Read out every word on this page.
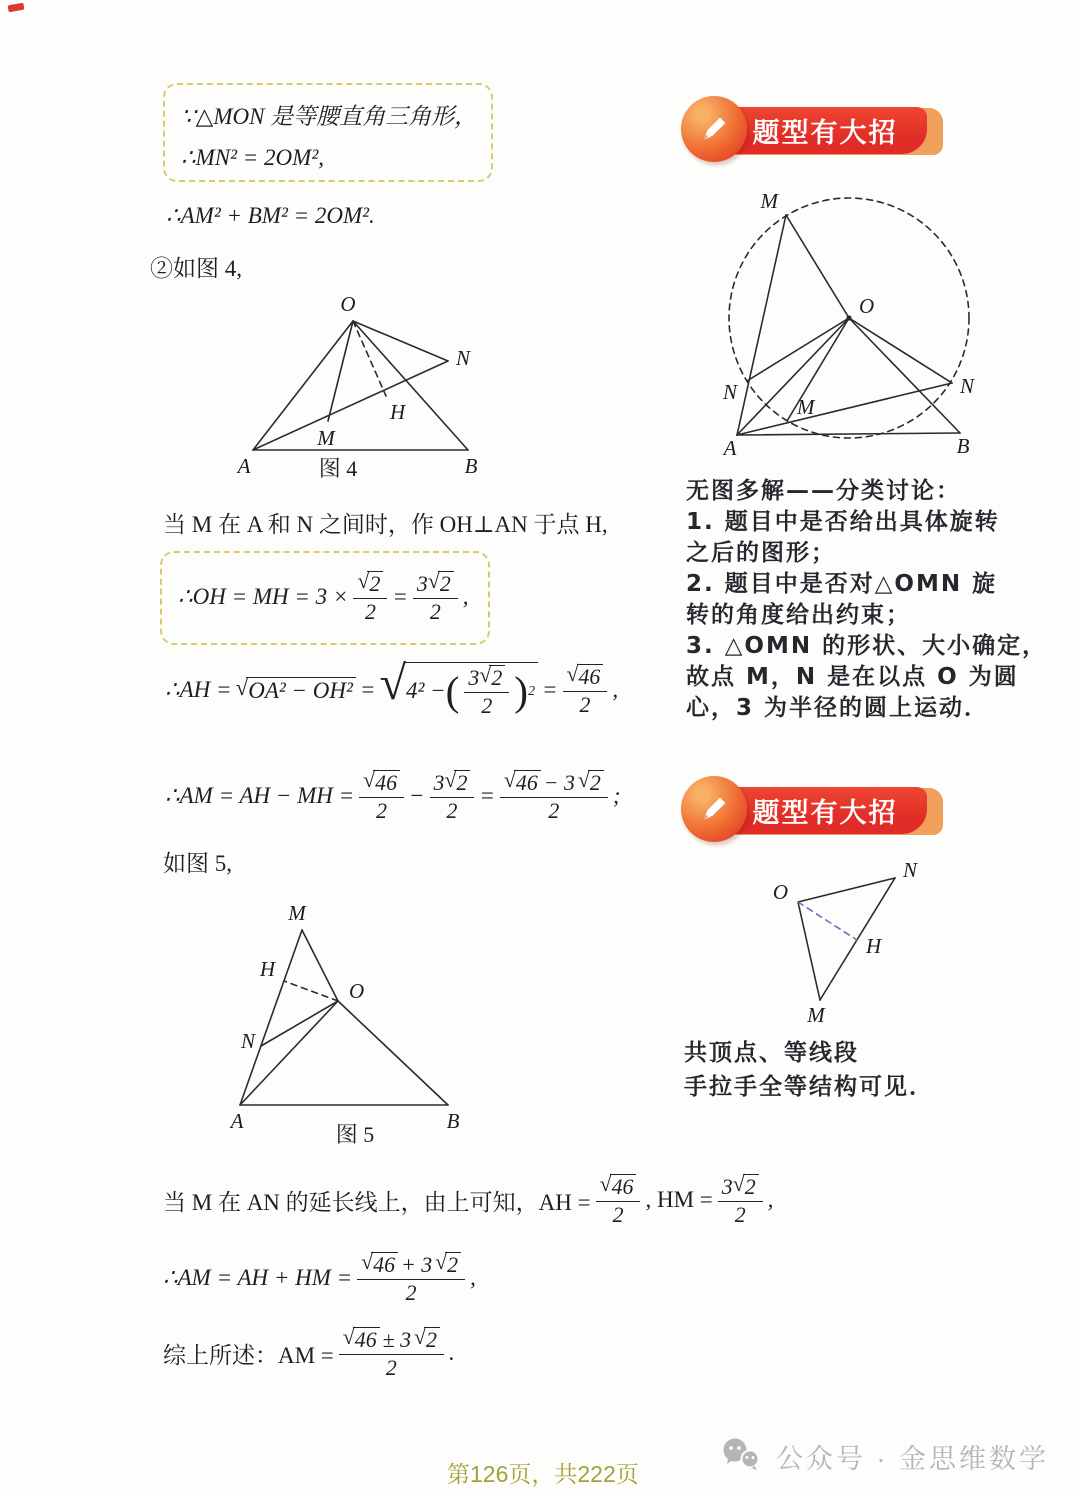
∵△MON 是等腰直角三角形，
∴MN² = 2OM²,
∴AM² + BM² = 2OM².
②如图 4,
O
N
H
M
A	B
图 4
当 M 在 A 和 N 之间时，作 OH⊥AN 于点 H,
∴OH = MH = $3 \times \frac{√ 2}{2} = \frac{3 √ 2}{2}$ ,
∴AH = √ OA² − OH² = √ 4² − ( $\frac{3 √ 2}{2}$ ) $2 = \frac{√ 46}{2}$ ,
∴AM = AH − MH = $\frac{√ 46}{2} - \frac{3 √ 2}{2} = \frac{√ 46 - 3 √ 2}{2}$ ;
如图 5,
M
H
O
N
A	B
图 5
当 M 在 AN 的延长线上，由上可知，AH = $\frac{√ 46}{2}$ , HM = $\frac{3 √ 2}{2}$ ,
∴AM = AH + HM = $\frac{√ 46 + 3 √ 2}{2}$ ,
综上所述：AM = $\frac{√ 46 \pm 3 √ 2}{2}$ .
题型有大招
M
O
N	N
M
A	B
无图多解——分类讨论：
1. 题目中是否给出具体旋转
之后的图形；
2. 题目中是否对△OMN 旋
转的角度给出约束；
3. △OMN 的形状、大小确定，
故点 M，N 是在以点 O 为圆
心，3 为半径的圆上运动．
题型有大招
O
N
H
M
共顶点、等线段
手拉手全等结构可见．
第126页，共222页
公众号 · 金思维数学
